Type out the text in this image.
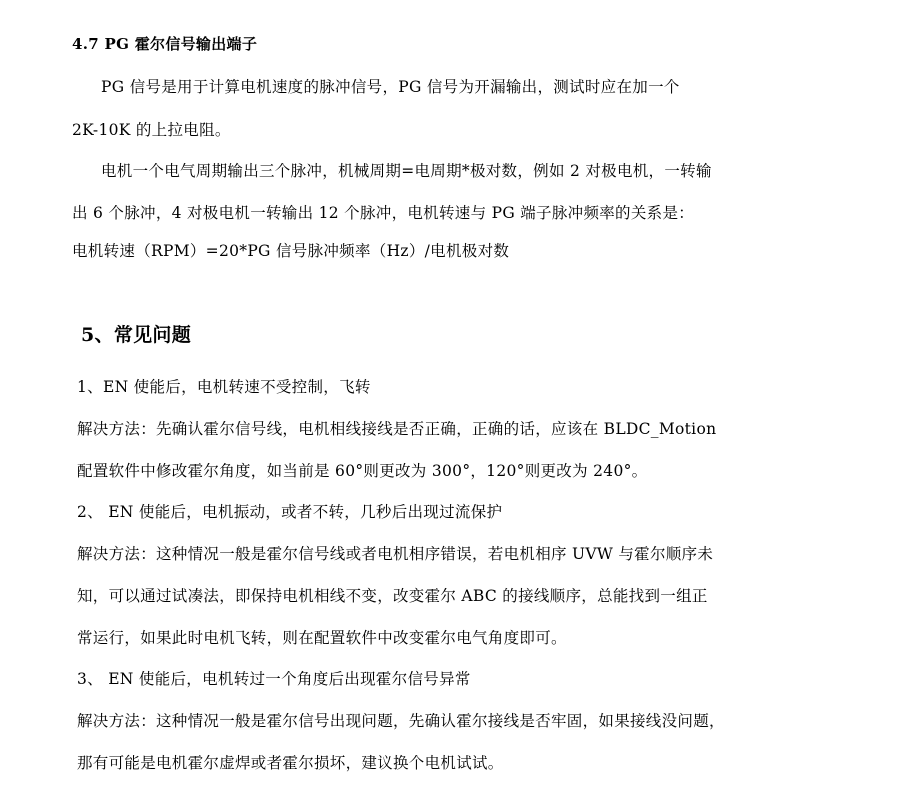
4.7 PG 霍尔信号输出端子
PG 信号是用于计算电机速度的脉冲信号，PG 信号为开漏输出，测试时应在加一个
2K-10K 的上拉电阻。
电机一个电气周期输出三个脉冲，机械周期=电周期*极对数，例如 2 对极电机，一转输
出 6 个脉冲，4 对极电机一转输出 12 个脉冲，电机转速与 PG 端子脉冲频率的关系是：
电机转速（RPM）=20*PG 信号脉冲频率（Hz）/电机极对数
5、常见问题
1、EN 使能后，电机转速不受控制，飞转
解决方法：先确认霍尔信号线，电机相线接线是否正确，正确的话，应该在 BLDC_Motion
配置软件中修改霍尔角度，如当前是 60°则更改为 300°，120°则更改为 240°。
2、 EN 使能后，电机振动，或者不转，几秒后出现过流保护
解决方法：这种情况一般是霍尔信号线或者电机相序错误，若电机相序 UVW 与霍尔顺序未
知，可以通过试凑法，即保持电机相线不变，改变霍尔 ABC 的接线顺序，总能找到一组正
常运行，如果此时电机飞转，则在配置软件中改变霍尔电气角度即可。
3、 EN 使能后，电机转过一个角度后出现霍尔信号异常
解决方法：这种情况一般是霍尔信号出现问题，先确认霍尔接线是否牢固，如果接线没问题，
那有可能是电机霍尔虚焊或者霍尔损坏，建议换个电机试试。
